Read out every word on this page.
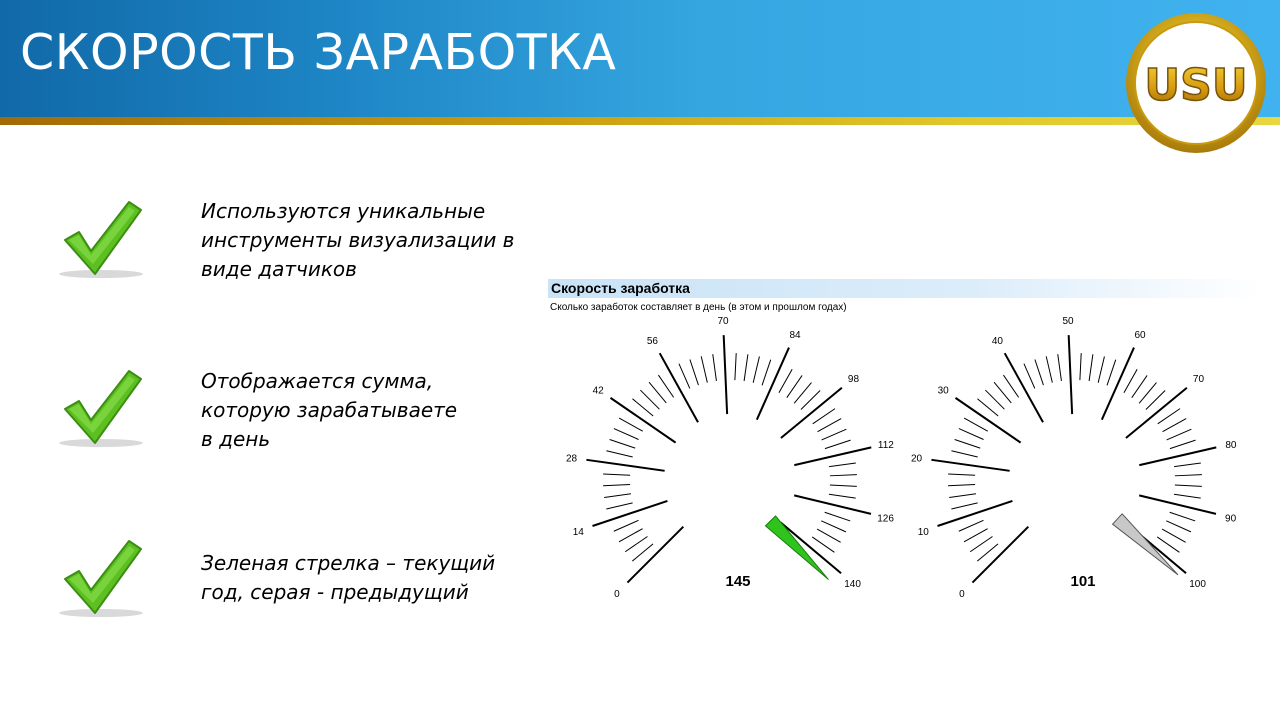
СКОРОСТЬ ЗАРАБОТКА
USU
Используются уникальные
инструменты визуализации в
виде датчиков
Отображается сумма,
которую зарабатываете
в день
Зеленая стрелка – текущий
год, серая - предыдущий
Скорость заработка
Сколько заработок составляет в день (в этом и прошлом годах)
0
14
28
42
56
70
84
98
112
126
140
145
0
10
20
30
40
50
60
70
80
90
100
101
